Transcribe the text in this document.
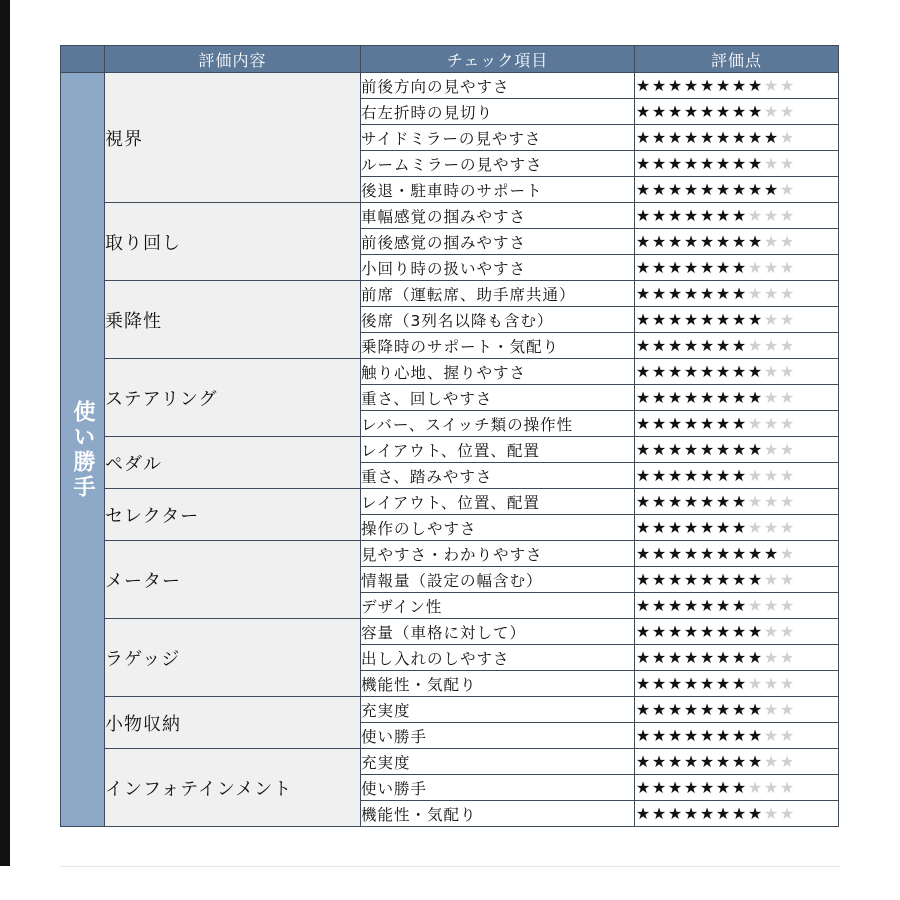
	評価内容	チェック項目	評価点
使い勝手	視界	前後方向の見やすさ	★ ★ ★ ★ ★ ★ ★ ★ ★ ★
		右左折時の見切り	★ ★ ★ ★ ★ ★ ★ ★ ★ ★
		サイドミラーの見やすさ	★ ★ ★ ★ ★ ★ ★ ★ ★ ★
		ルームミラーの見やすさ	★ ★ ★ ★ ★ ★ ★ ★ ★ ★
		後退・駐車時のサポート	★ ★ ★ ★ ★ ★ ★ ★ ★ ★
	取り回し	車幅感覚の掴みやすさ	★ ★ ★ ★ ★ ★ ★ ★ ★ ★
		前後感覚の掴みやすさ	★ ★ ★ ★ ★ ★ ★ ★ ★ ★
		小回り時の扱いやすさ	★ ★ ★ ★ ★ ★ ★ ★ ★ ★
	乗降性	前席（運転席、助手席共通）	★ ★ ★ ★ ★ ★ ★ ★ ★ ★
		後席（3列名以降も含む）	★ ★ ★ ★ ★ ★ ★ ★ ★ ★
		乗降時のサポート・気配り	★ ★ ★ ★ ★ ★ ★ ★ ★ ★
	ステアリング	触り心地、握りやすさ	★ ★ ★ ★ ★ ★ ★ ★ ★ ★
		重さ、回しやすさ	★ ★ ★ ★ ★ ★ ★ ★ ★ ★
		レバー、スイッチ類の操作性	★ ★ ★ ★ ★ ★ ★ ★ ★ ★
	ペダル	レイアウト、位置、配置	★ ★ ★ ★ ★ ★ ★ ★ ★ ★
		重さ、踏みやすさ	★ ★ ★ ★ ★ ★ ★ ★ ★ ★
	セレクター	レイアウト、位置、配置	★ ★ ★ ★ ★ ★ ★ ★ ★ ★
		操作のしやすさ	★ ★ ★ ★ ★ ★ ★ ★ ★ ★
	メーター	見やすさ・わかりやすさ	★ ★ ★ ★ ★ ★ ★ ★ ★ ★
		情報量（設定の幅含む）	★ ★ ★ ★ ★ ★ ★ ★ ★ ★
		デザイン性	★ ★ ★ ★ ★ ★ ★ ★ ★ ★
	ラゲッジ	容量（車格に対して）	★ ★ ★ ★ ★ ★ ★ ★ ★ ★
		出し入れのしやすさ	★ ★ ★ ★ ★ ★ ★ ★ ★ ★
		機能性・気配り	★ ★ ★ ★ ★ ★ ★ ★ ★ ★
	小物収納	充実度	★ ★ ★ ★ ★ ★ ★ ★ ★ ★
		使い勝手	★ ★ ★ ★ ★ ★ ★ ★ ★ ★
	インフォテインメント	充実度	★ ★ ★ ★ ★ ★ ★ ★ ★ ★
		使い勝手	★ ★ ★ ★ ★ ★ ★ ★ ★ ★
		機能性・気配り	★ ★ ★ ★ ★ ★ ★ ★ ★ ★
